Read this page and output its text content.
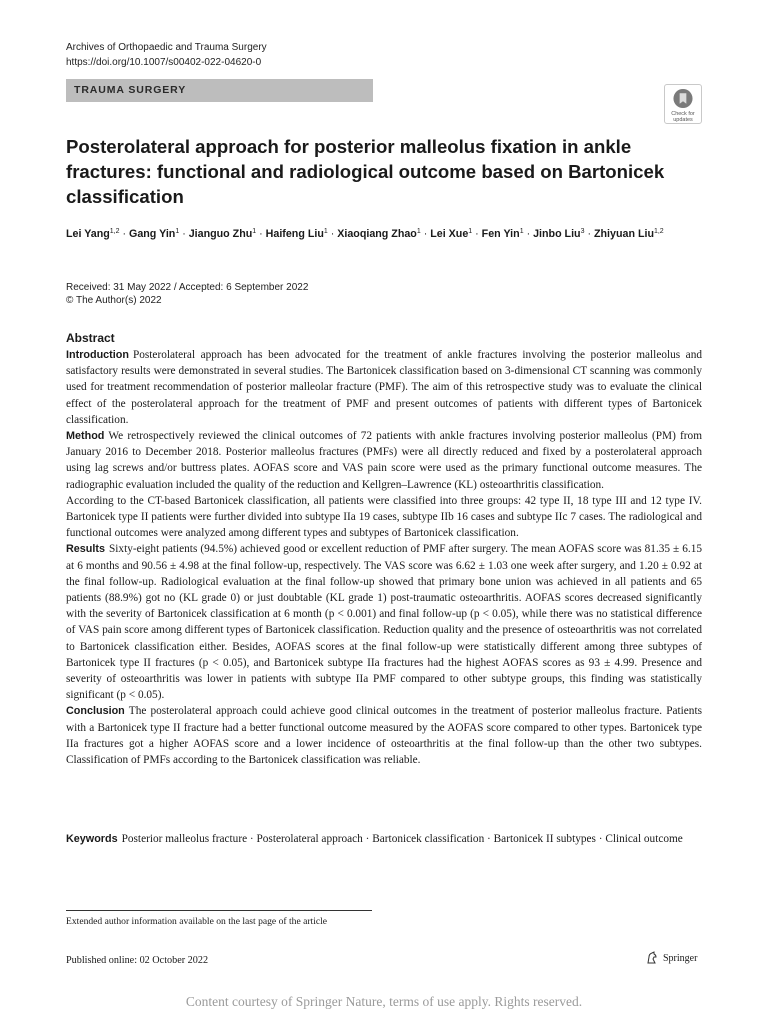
Archives of Orthopaedic and Trauma Surgery
https://doi.org/10.1007/s00402-022-04620-0
TRAUMA SURGERY
Check for
updates
Posterolateral approach for posterior malleolus fixation in ankle fractures: functional and radiological outcome based on Bartonicek classification
Lei Yang$^{1,2}$ · Gang Yin$^1$ · Jianguo Zhu$^1$ · Haifeng Liu$^1$ · Xiaoqiang Zhao$^1$ · Lei Xue$^1$ · Fen Yin$^1$ · Jinbo Liu$^3$ · Zhiyuan Liu$^{1,2}$
Received: 31 May 2022 / Accepted: 6 September 2022
© The Author(s) 2022
Abstract
Introduction Posterolateral approach has been advocated for the treatment of ankle fractures involving the posterior malleolus and satisfactory results were demonstrated in several studies. The Bartonicek classification based on 3-dimensional CT scanning was commonly used for treatment recommendation of posterior malleolar fracture (PMF). The aim of this retrospective study was to evaluate the clinical effect of the posterolateral approach for the treatment of PMF and present outcomes of patients with different types of Bartonicek classification.
Method We retrospectively reviewed the clinical outcomes of 72 patients with ankle fractures involving posterior malleolus (PM) from January 2016 to December 2018. Posterior malleolus fractures (PMFs) were all directly reduced and fixed by a posterolateral approach using lag screws and/or buttress plates. AOFAS score and VAS pain score were used as the primary functional outcome measures. The radiographic evaluation included the quality of the reduction and Kellgren–Lawrence (KL) osteoarthritis classification.
According to the CT-based Bartonicek classification, all patients were classified into three groups: 42 type II, 18 type III and 12 type IV. Bartonicek type II patients were further divided into subtype IIa 19 cases, subtype IIb 16 cases and subtype IIc 7 cases. The radiological and functional outcomes were analyzed among different types and subtypes of Bartonicek classification.
Results Sixty-eight patients (94.5%) achieved good or excellent reduction of PMF after surgery. The mean AOFAS score was 81.35 ± 6.15 at 6 months and 90.56 ± 4.98 at the final follow-up, respectively. The VAS score was 6.62 ± 1.03 one week after surgery, and 1.20 ± 0.92 at the final follow-up. Radiological evaluation at the final follow-up showed that primary bone union was achieved in all patients and 65 patients (88.9%) got no (KL grade 0) or just doubtable (KL grade 1) post-traumatic osteoarthritis. AOFAS scores decreased significantly with the severity of Bartonicek classification at 6 month (p < 0.001) and final follow-up (p < 0.05), while there was no statistical difference of VAS pain score among different types of Bartonicek classification. Reduction quality and the presence of osteoarthritis was not correlated to Bartonicek classification either. Besides, AOFAS scores at the final follow-up were statistically different among three subtypes of Bartonicek type II fractures (p < 0.05), and Bartonicek subtype IIa fractures had the highest AOFAS scores as 93 ± 4.99. Presence and severity of osteoarthritis was lower in patients with subtype IIa PMF compared to other subtype groups, this finding was statistically significant (p < 0.05).
Conclusion The posterolateral approach could achieve good clinical outcomes in the treatment of posterior malleolus fracture. Patients with a Bartonicek type II fracture had a better functional outcome measured by the AOFAS score compared to other types. Bartonicek type IIa fractures got a higher AOFAS score and a lower incidence of osteoarthritis at the final follow-up than the other two subtypes. Classification of PMFs according to the Bartonicek classification was reliable.
Keywords Posterior malleolus fracture · Posterolateral approach · Bartonicek classification · Bartonicek II subtypes · Clinical outcome
Extended author information available on the last page of the article
Published online: 02 October 2022	Springer
Content courtesy of Springer Nature, terms of use apply. Rights reserved.
